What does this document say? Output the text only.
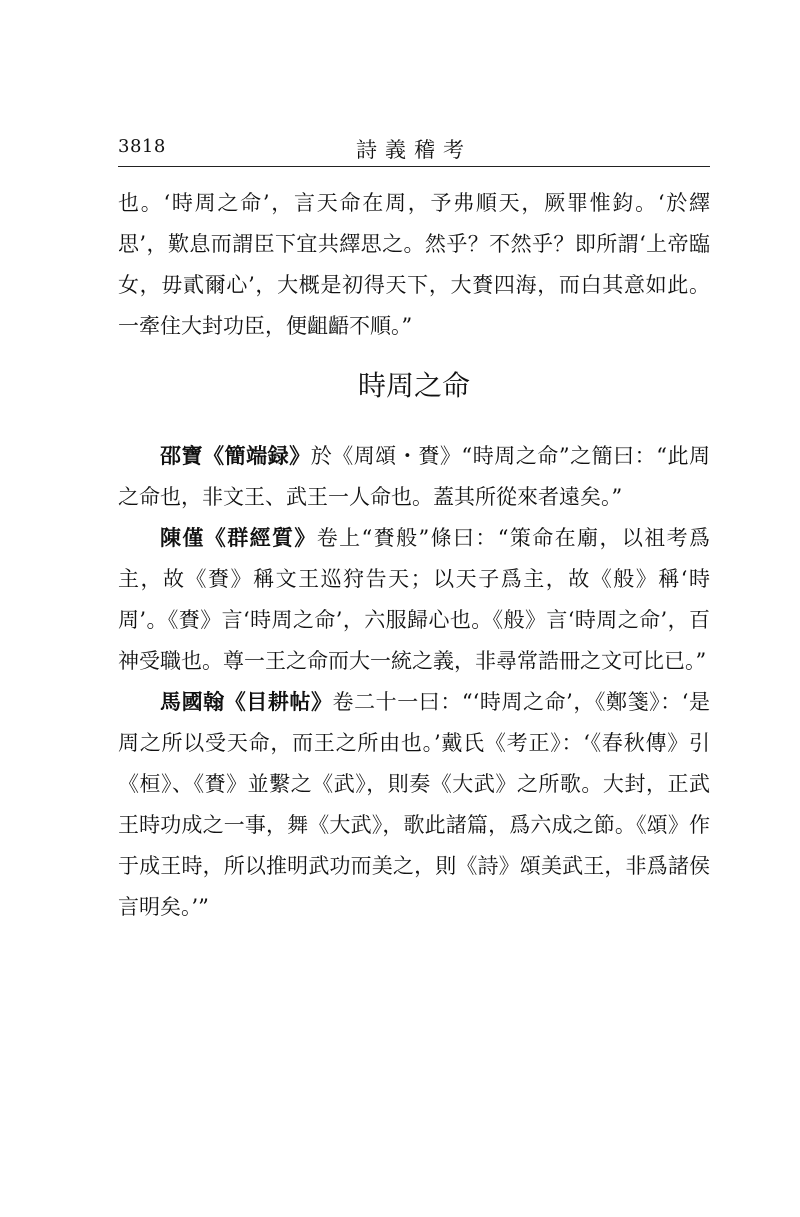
3818	詩義稽考

也。‘時周之命’，言天命在周，予弗順天，厥罪惟鈞。‘於繹思’，歎息而謂臣下宜共繹思之。然乎？不然乎？即所謂‘上帝臨女，毋貳爾心’，大概是初得天下，大賚四海，而白其意如此。一牽住大封功臣，便齟齬不順。”

時周之命

邵寶《簡端録》於《周頌・賚》“時周之命”之簡曰：“此周之命也，非文王、武王一人命也。蓋其所從來者遠矣。”

陳僅《群經質》卷上“賚般”條曰：“策命在廟，以祖考爲主，故《賚》稱文王巡狩告天；以天子爲主，故《般》稱‘時周’。《賚》言‘時周之命’，六服歸心也。《般》言‘時周之命’，百神受職也。尊一王之命而大一統之義，非尋常誥冊之文可比已。”

馬國翰《目耕帖》卷二十一曰：“‘時周之命’，《鄭箋》：‘是周之所以受天命，而王之所由也。’戴氏《考正》：‘《春秋傳》引《桓》、《賚》並繫之《武》，則奏《大武》之所歌。大封，正武王時功成之一事，舞《大武》，歌此諸篇，爲六成之節。《頌》作于成王時，所以推明武功而美之，則《詩》頌美武王，非爲諸侯言明矣。’”
